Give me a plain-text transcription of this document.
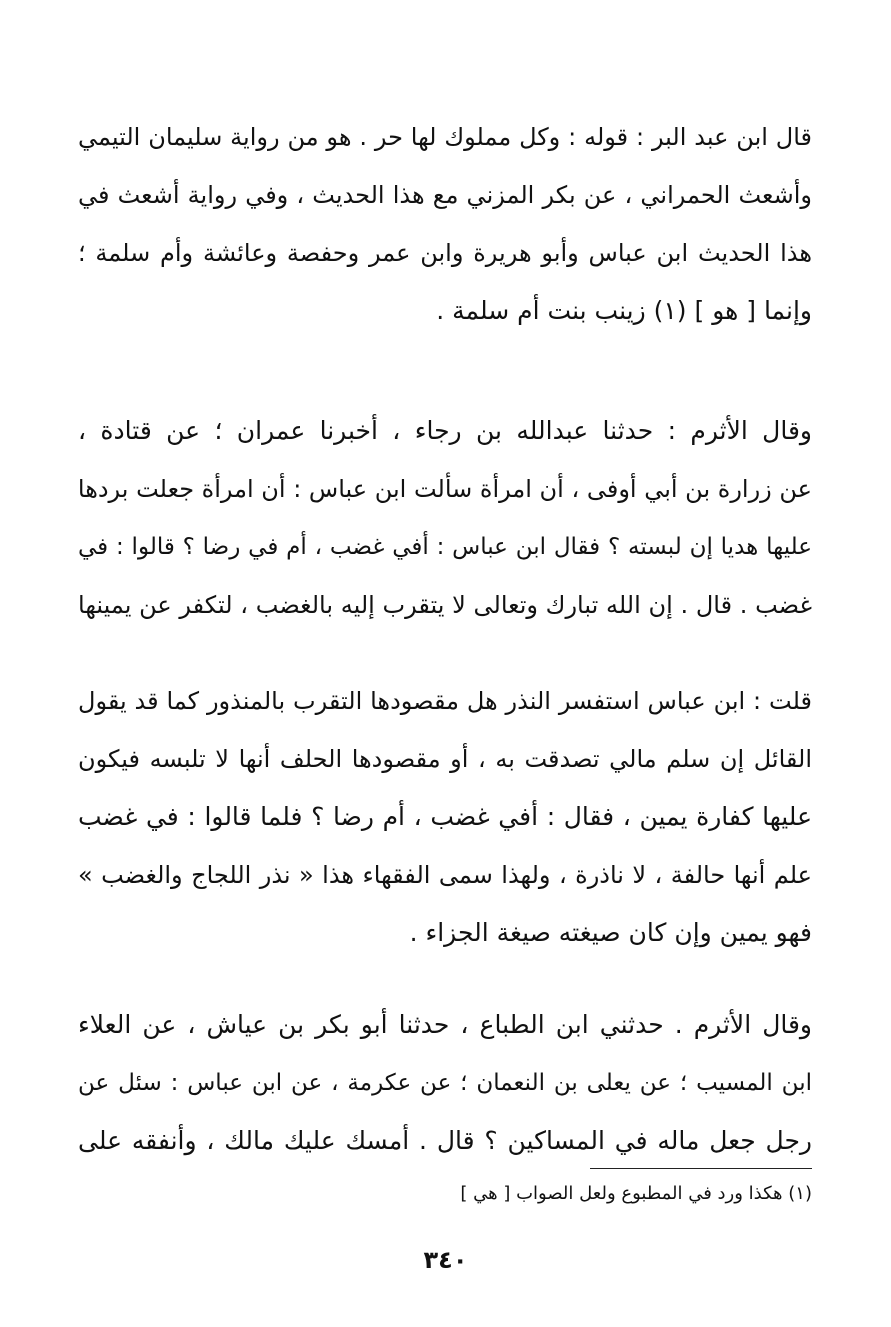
قال ابن عبد البر : قوله : وكل مملوك لها حر . هو من رواية سليمان التيمي
وأشعث الحمراني ، عن بكر المزني مع هذا الحديث ، وفي رواية أشعث في
هذا الحديث ابن عباس وأبو هريرة وابن عمر وحفصة وعائشة وأم سلمة ؛
وإنما [ هو ] (١) زينب بنت أم سلمة .
وقال الأثرم : حدثنا عبدالله بن رجاء ، أخبرنا عمران ؛ عن قتادة ،
عن زرارة بن أبي أوفى ، أن امرأة سألت ابن عباس : أن امرأة جعلت بردها
عليها هديا إن لبسته ؟ فقال ابن عباس : أفي غضب ، أم في رضا ؟ قالوا : في
غضب . قال . إن الله تبارك وتعالى لا يتقرب إليه بالغضب ، لتكفر عن يمينها
قلت : ابن عباس استفسر النذر هل مقصودها التقرب بالمنذور كما قد يقول
القائل إن سلم مالي تصدقت به ، أو مقصودها الحلف أنها لا تلبسه فيكون
عليها كفارة يمين ، فقال : أفي غضب ، أم رضا ؟ فلما قالوا : في غضب
علم أنها حالفة ، لا ناذرة ، ولهذا سمى الفقهاء هذا « نذر اللجاج والغضب »
فهو يمين وإن كان صيغته صيغة الجزاء .
وقال الأثرم . حدثني ابن الطباع ، حدثنا أبو بكر بن عياش ، عن العلاء
ابن المسيب ؛ عن يعلى بن النعمان ؛ عن عكرمة ، عن ابن عباس : سئل عن
رجل جعل ماله في المساكين ؟ قال . أمسك عليك مالك ، وأنفقه على
(١) هكذا ورد في المطبوع ولعل الصواب [ هي ]
٣٤٠
